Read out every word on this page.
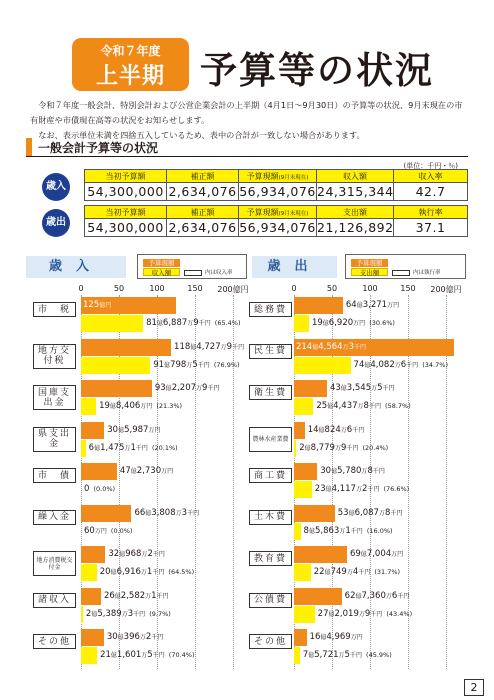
令和７年度
上半期 予算等の状況

令和７年度一般会計、特別会計および公営企業会計の上半期（4月1日～9月30日）の予算等の状況、9月末現在の市有財産や市債現在高等の状況をお知らせします。

なお、表示単位未満を四捨五入しているため、表中の合計が一致しない場合があります。

一般会計予算等の状況
(単位：千円・％)
歳入
当初予算額	補正額	予算現額(9月末現在)	収入額	収入率
54,300,000	2,634,076	56,934,076	24,315,344	42.7
歳出
当初予算額	補正額	予算現額(9月末現在)	支出額	執行率
54,300,000	2,634,076	56,934,076	21,126,892	37.1
歳入	予算現額
収入額	内は収入率	歳出	予算現額
支出額	内は執行率
0	50	100	150 200億円
市　税	125億円
81億6,887万9千円 (65.4%)
地方交付税
118億4,727万9千円
91億798万5千円 (76.9%)
国庫支出金
93億2,207万9千円
19億8,406万円 (21.3%)
県支出金
30億5,987万円
6億1,475万1千円 (20.1%)
市　債	47億2,730万円
0 (0.0%)
繰入金	66億3,808万3千円
60万円 (0.0%)
地方消費税交付金
32億968万2千円
20億6,916万1千円 (64.5%)
諸収入	26億2,582万1千円
2億5,389万3千円 (9.7%)
その他	30億396万2千円
21億1,601万5千円 (70.4%)
0	50	100	150 200億円
総務費	64億3,271万円
19億6,920万円 (30.6%)
民生費	214億4,564万3千円
74億4,082万6千円 (34.7%)
衛生費	43億3,545万5千円
25億4,437万8千円 (58.7%)
農林水産業費
14億824万6千円
2億8,779万9千円 (20.4%)
商工費	30億5,780万8千円
23億4,117万2千円 (76.6%)
土木費	53億6,087万8千円
8億5,863万1千円 (16.0%)
教育費	69億7,004万円
22億749万4千円 (31.7%)
公債費	62億7,360万6千円
27億2,019万9千円 (43.4%)
その他	16億4,969万円
7億5,721万5千円 (45.9%)
2
